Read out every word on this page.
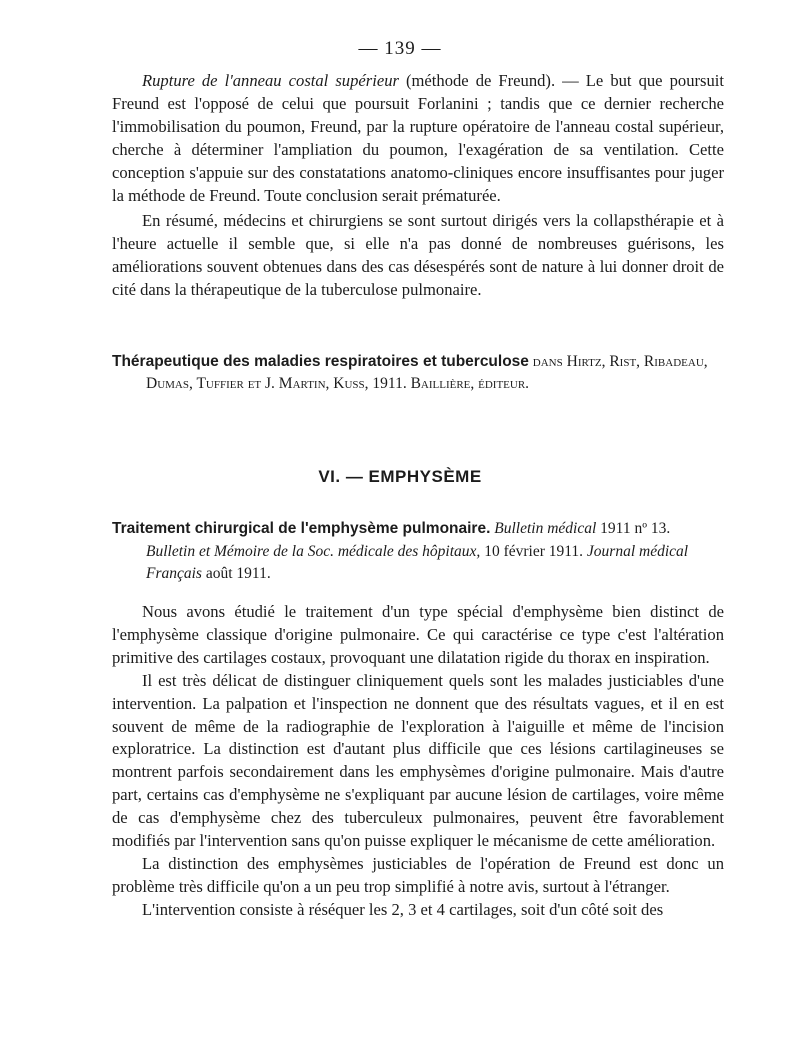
— 139 —

Rupture de l'anneau costal supérieur (méthode de Freund). — Le but que poursuit Freund est l'opposé de celui que poursuit Forlanini ; tandis que ce dernier recherche l'immobilisation du poumon, Freund, par la rupture opératoire de l'anneau costal supérieur, cherche à déterminer l'ampliation du poumon, l'exagération de sa ventilation. Cette conception s'appuie sur des constatations anatomo-cliniques encore insuffisantes pour juger la méthode de Freund. Toute conclusion serait prématurée.

En résumé, médecins et chirurgiens se sont surtout dirigés vers la collapsthérapie et à l'heure actuelle il semble que, si elle n'a pas donné de nombreuses guérisons, les améliorations souvent obtenues dans des cas désespérés sont de nature à lui donner droit de cité dans la thérapeutique de la tuberculose pulmonaire.

Thérapeutique des maladies respiratoires et tuberculose dans Hirtz, Rist, Ribadeau,

Dumas, Tuffier et J. Martin, Kuss, 1911. Baillière, éditeur.

VI. — EMPHYSÈME

Traitement chirurgical de l'emphysème pulmonaire. Bulletin médical 1911 nº 13.

Bulletin et Mémoire de la Soc. médicale des hôpitaux, 10 février 1911. Journal médical

Français août 1911.

Nous avons étudié le traitement d'un type spécial d'emphysème bien distinct de l'emphysème classique d'origine pulmonaire. Ce qui caractérise ce type c'est l'altération primitive des cartilages costaux, provoquant une dilatation rigide du thorax en inspiration.

Il est très délicat de distinguer cliniquement quels sont les malades justiciables d'une intervention. La palpation et l'inspection ne donnent que des résultats vagues, et il en est souvent de même de la radiographie de l'exploration à l'aiguille et même de l'incision exploratrice. La distinction est d'autant plus difficile que ces lésions cartilagineuses se montrent parfois secondairement dans les emphysèmes d'origine pulmonaire. Mais d'autre part, certains cas d'emphysème ne s'expliquant par aucune lésion de cartilages, voire même de cas d'emphysème chez des tuberculeux pulmonaires, peuvent être favorablement modifiés par l'intervention sans qu'on puisse expliquer le mécanisme de cette amélioration.

La distinction des emphysèmes justiciables de l'opération de Freund est donc un problème très difficile qu'on a un peu trop simplifié à notre avis, surtout à l'étranger.

L'intervention consiste à réséquer les 2, 3 et 4 cartilages, soit d'un côté soit des
